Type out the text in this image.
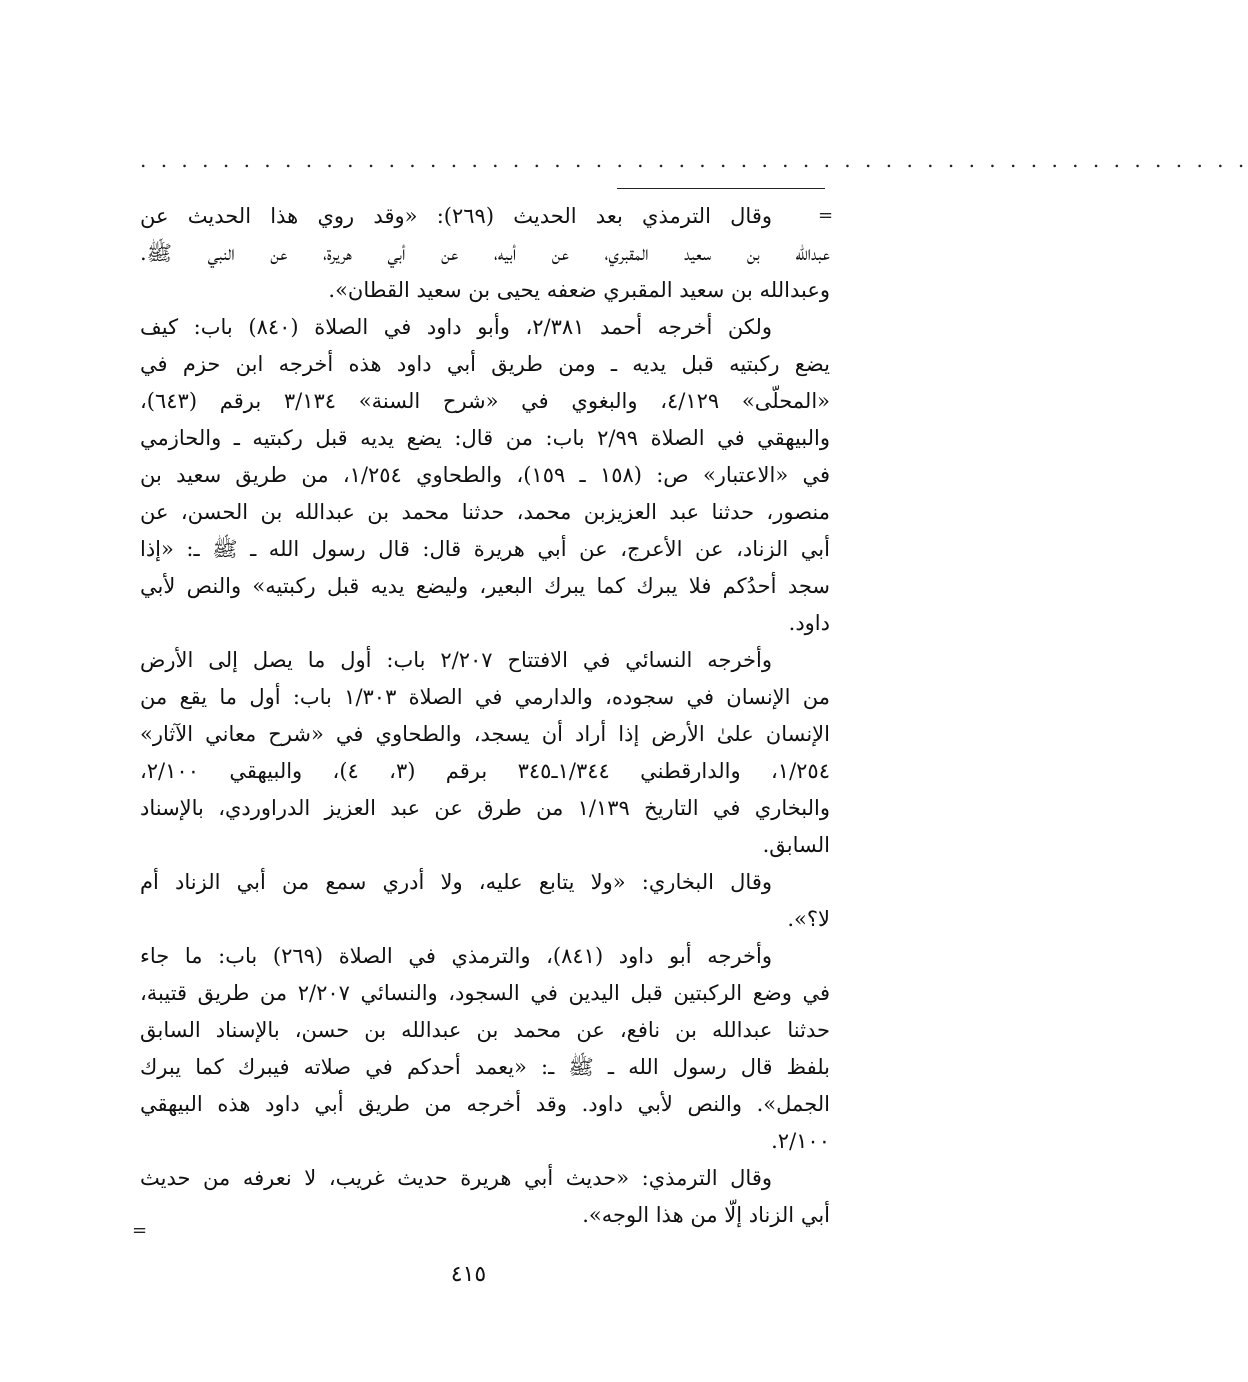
. . . . . . . . . . . . . . . . . . . . . . . . . . . . . . . . . . . . . . . . . . . . . . . . . . . . . .
=
وقال الترمذي بعد الحديث (٢٦٩): «وقد روي هذا الحديث عن
عبدالله بن سعيد المقبري، عن أبيه، عن أبي هريرة، عن النبي ﷺ.
وعبدالله بن سعيد المقبري ضعفه يحيى بن سعيد القطان».
ولكن أخرجه أحمد ٢/٣٨١، وأبو داود في الصلاة (٨٤٠) باب: كيف
يضع ركبتيه قبل يديه ـ ومن طريق أبي داود هذه أخرجه ابن حزم في
«المحلّى» ٤/١٢٩، والبغوي في «شرح السنة» ٣/١٣٤ برقم (٦٤٣)،
والبيهقي في الصلاة ٢/٩٩ باب: من قال: يضع يديه قبل ركبتيه ـ والحازمي
في «الاعتبار» ص: (١٥٨ ـ ١٥٩)، والطحاوي ١/٢٥٤، من طريق سعيد بن
منصور، حدثنا عبد العزيزبن محمد، حدثنا محمد بن عبدالله بن الحسن، عن
أبي الزناد، عن الأعرج، عن أبي هريرة قال: قال رسول الله ـ ﷺ ـ: «إذا
سجد أحدُكم فلا يبرك كما يبرك البعير، وليضع يديه قبل ركبتيه» والنص لأبي
داود.
وأخرجه النسائي في الافتتاح ٢/٢٠٧ باب: أول ما يصل إلى الأرض
من الإنسان في سجوده، والدارمي في الصلاة ١/٣٠٣ باب: أول ما يقع من
الإنسان علىٰ الأرض إذا أراد أن يسجد، والطحاوي في «شرح معاني الآثار»
١/٢٥٤، والدارقطني ١/٣٤٤ـ٣٤٥ برقم (٣، ٤)، والبيهقي ٢/١٠٠،
والبخاري في التاريخ ١/١٣٩ من طرق عن عبد العزيز الدراوردي، بالإسناد
السابق.
وقال البخاري: «ولا يتابع عليه، ولا أدري سمع من أبي الزناد أم
لا؟».
وأخرجه أبو داود (٨٤١)، والترمذي في الصلاة (٢٦٩) باب: ما جاء
في وضع الركبتين قبل اليدين في السجود، والنسائي ٢/٢٠٧ من طريق قتيبة،
حدثنا عبدالله بن نافع، عن محمد بن عبدالله بن حسن، بالإسناد السابق
بلفظ قال رسول الله ـ ﷺ ـ: «يعمد أحدكم في صلاته فيبرك كما يبرك
الجمل». والنص لأبي داود. وقد أخرجه من طريق أبي داود هذه البيهقي
٢/١٠٠.
وقال الترمذي: «حديث أبي هريرة حديث غريب، لا نعرفه من حديث
أبي الزناد إلّا من هذا الوجه».
=
٤١٥
